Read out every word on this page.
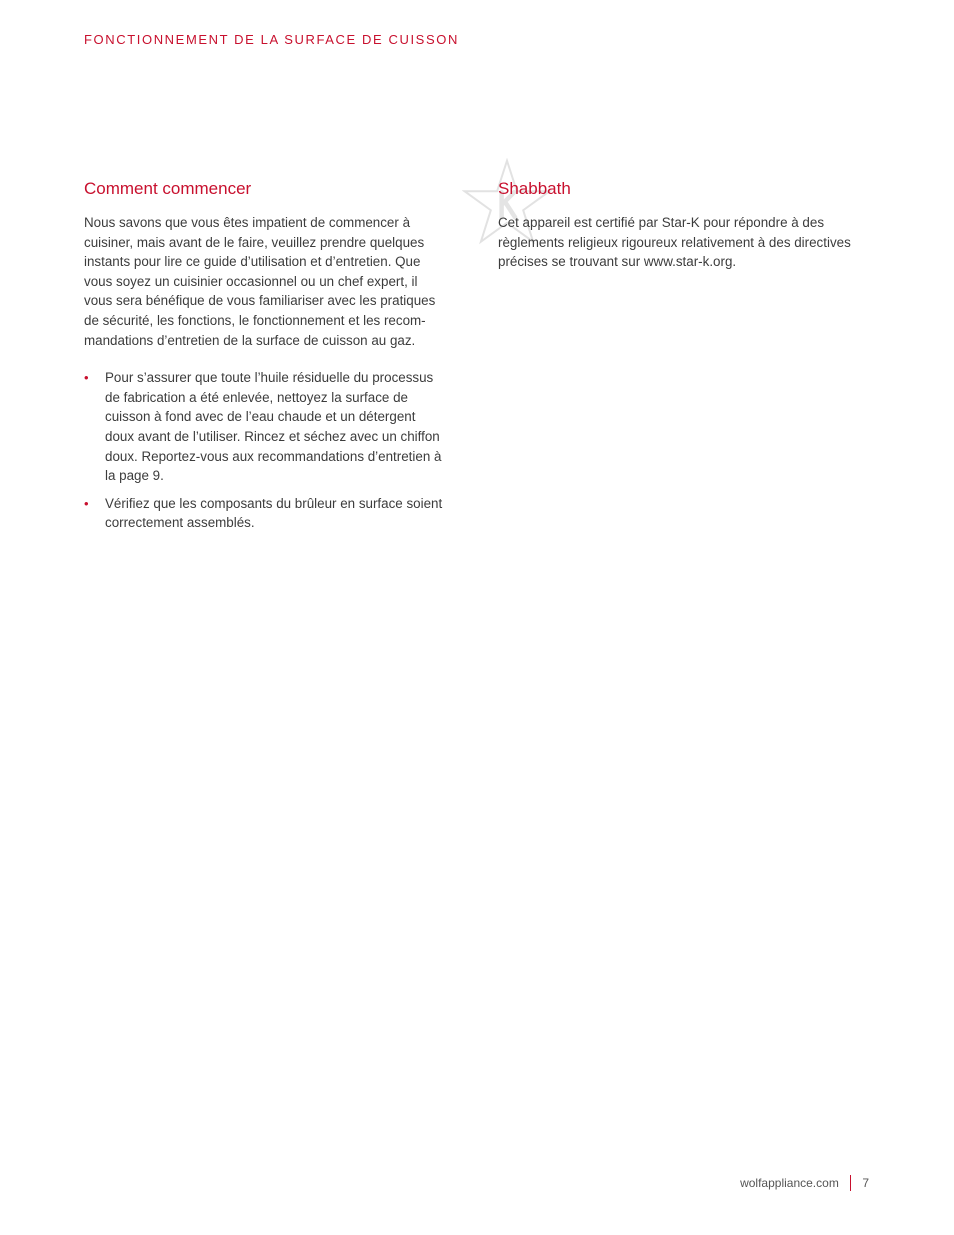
FONCTIONNEMENT DE LA SURFACE DE CUISSON
Comment commencer

Nous savons que vous êtes impatient de commencer à
cuisiner, mais avant de le faire, veuillez prendre quelques
instants pour lire ce guide d’utilisation et d’entretien. Que
vous soyez un cuisinier occasionnel ou un chef expert, il
vous sera bénéfique de vous familiariser avec les pratiques
de sécurité, les fonctions, le fonctionnement et les recom-
mandations d’entretien de la surface de cuisson au gaz.

• Pour s’assurer que toute l’huile résiduelle du processus
de fabrication a été enlevée, nettoyez la surface de
cuisson à fond avec de l’eau chaude et un détergent
doux avant de l’utiliser. Rincez et séchez avec un chiffon
doux. Reportez-vous aux recommandations d’entretien à
la page 9.
• Vérifiez que les composants du brûleur en surface soient
correctement assemblés.
Shabbath

Cet appareil est certifié par Star-K pour répondre à des
règlements religieux rigoureux relativement à des directives
précises se trouvant sur www.star-k.org.

wolfappliance.com 7
